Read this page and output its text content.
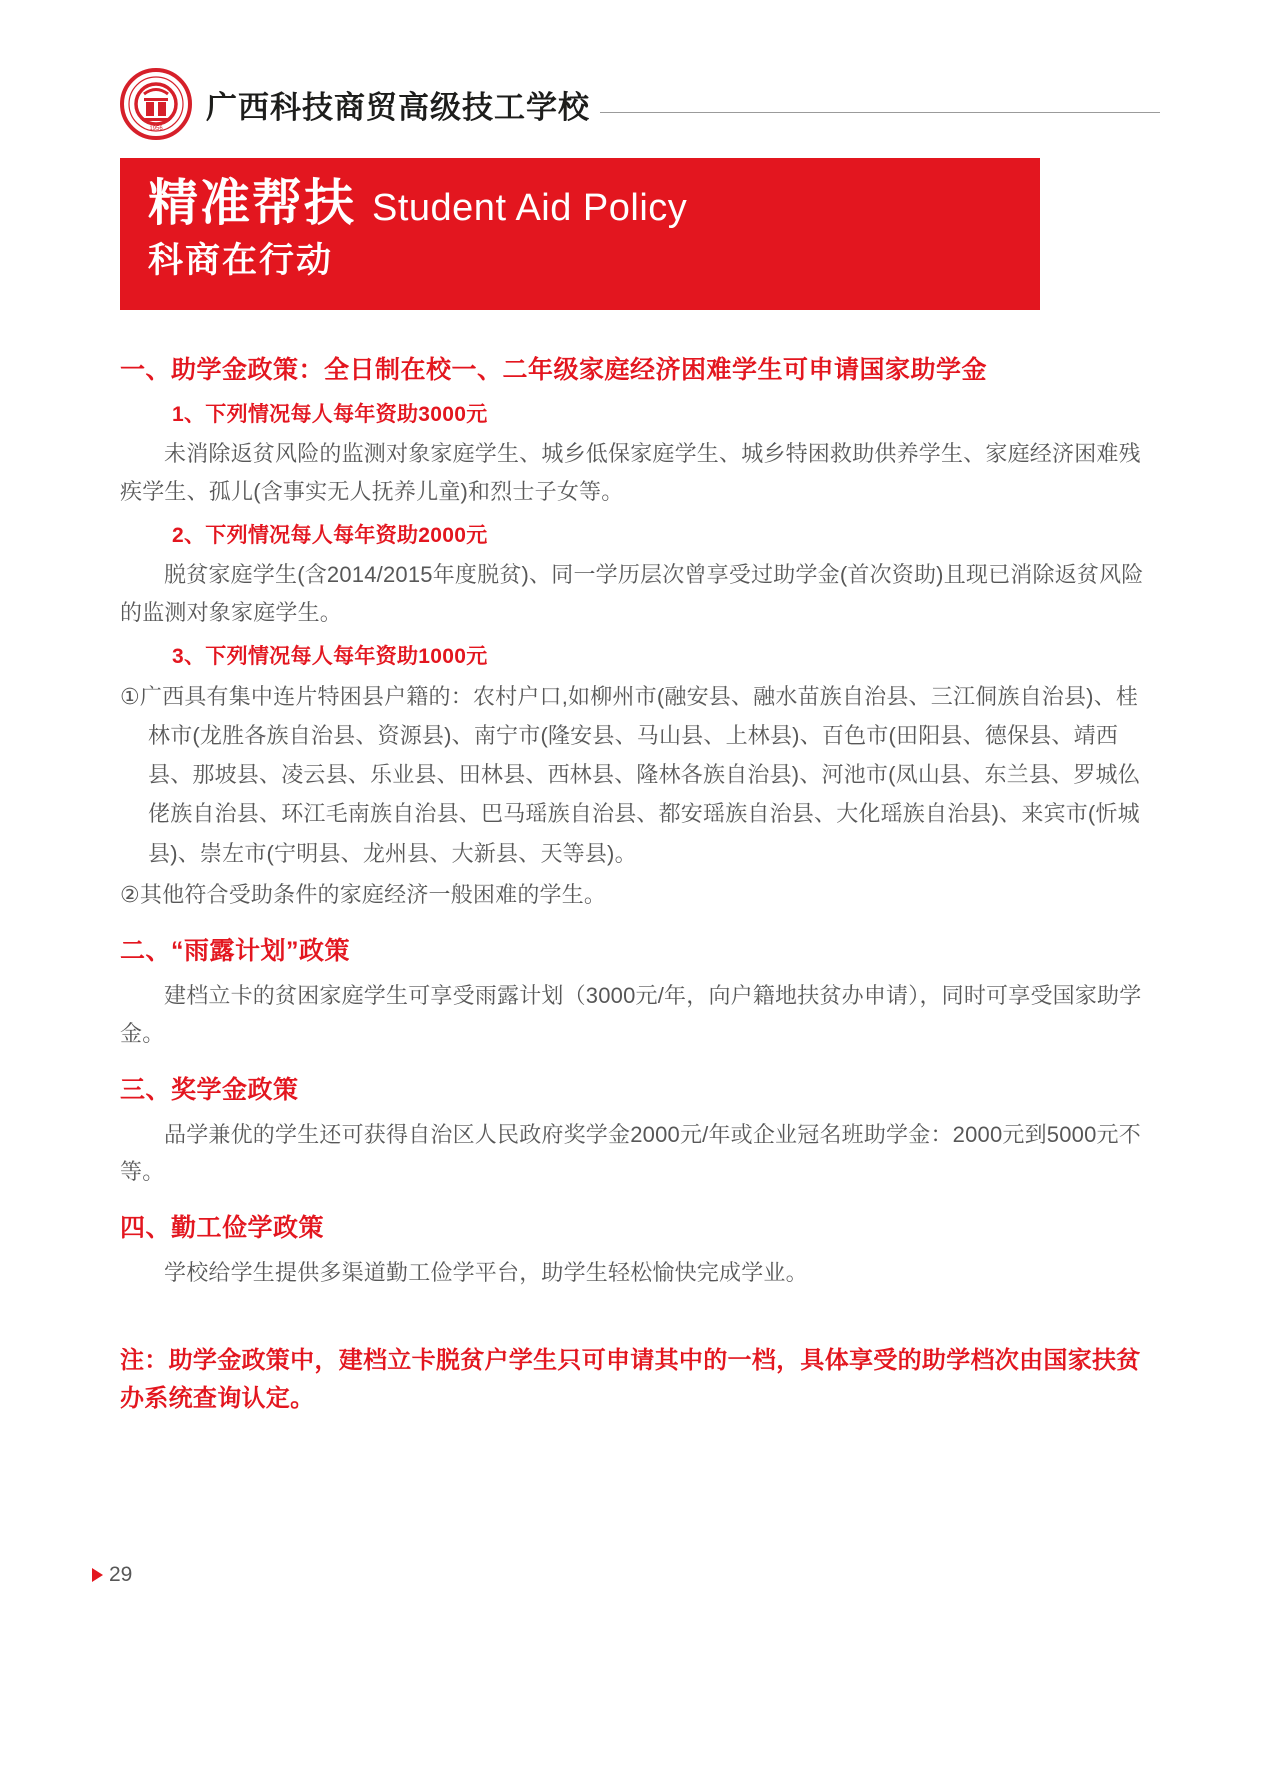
1956
广西科技商贸高级技工学校
精准帮扶 Student Aid Policy
科商在行动
一、助学金政策：全日制在校一、二年级家庭经济困难学生可申请国家助学金
1、下列情况每人每年资助3000元

未消除返贫风险的监测对象家庭学生、城乡低保家庭学生、城乡特困救助供养学生、家庭经济困难残疾学生、孤儿(含事实无人抚养儿童)和烈士子女等。

2、下列情况每人每年资助2000元

脱贫家庭学生(含2014/2015年度脱贫)、同一学历层次曾享受过助学金(首次资助)且现已消除返贫风险的监测对象家庭学生。

3、下列情况每人每年资助1000元

①广西具有集中连片特困县户籍的：农村户口,如柳州市(融安县、融水苗族自治县、三江侗族自治县)、桂林市(龙胜各族自治县、资源县)、南宁市(隆安县、马山县、上林县)、百色市(田阳县、德保县、靖西县、那坡县、凌云县、乐业县、田林县、西林县、隆林各族自治县)、河池市(凤山县、东兰县、罗城仫佬族自治县、环江毛南族自治县、巴马瑶族自治县、都安瑶族自治县、大化瑶族自治县)、来宾市(忻城县)、崇左市(宁明县、龙州县、大新县、天等县)。

②其他符合受助条件的家庭经济一般困难的学生。

二、“雨露计划”政策

建档立卡的贫困家庭学生可享受雨露计划（3000元/年，向户籍地扶贫办申请），同时可享受国家助学金。

三、奖学金政策

品学兼优的学生还可获得自治区人民政府奖学金2000元/年或企业冠名班助学金：2000元到5000元不等。

四、勤工俭学政策

学校给学生提供多渠道勤工俭学平台，助学生轻松愉快完成学业。

注：助学金政策中，建档立卡脱贫户学生只可申请其中的一档，具体享受的助学档次由国家扶贫办系统查询认定。

29
